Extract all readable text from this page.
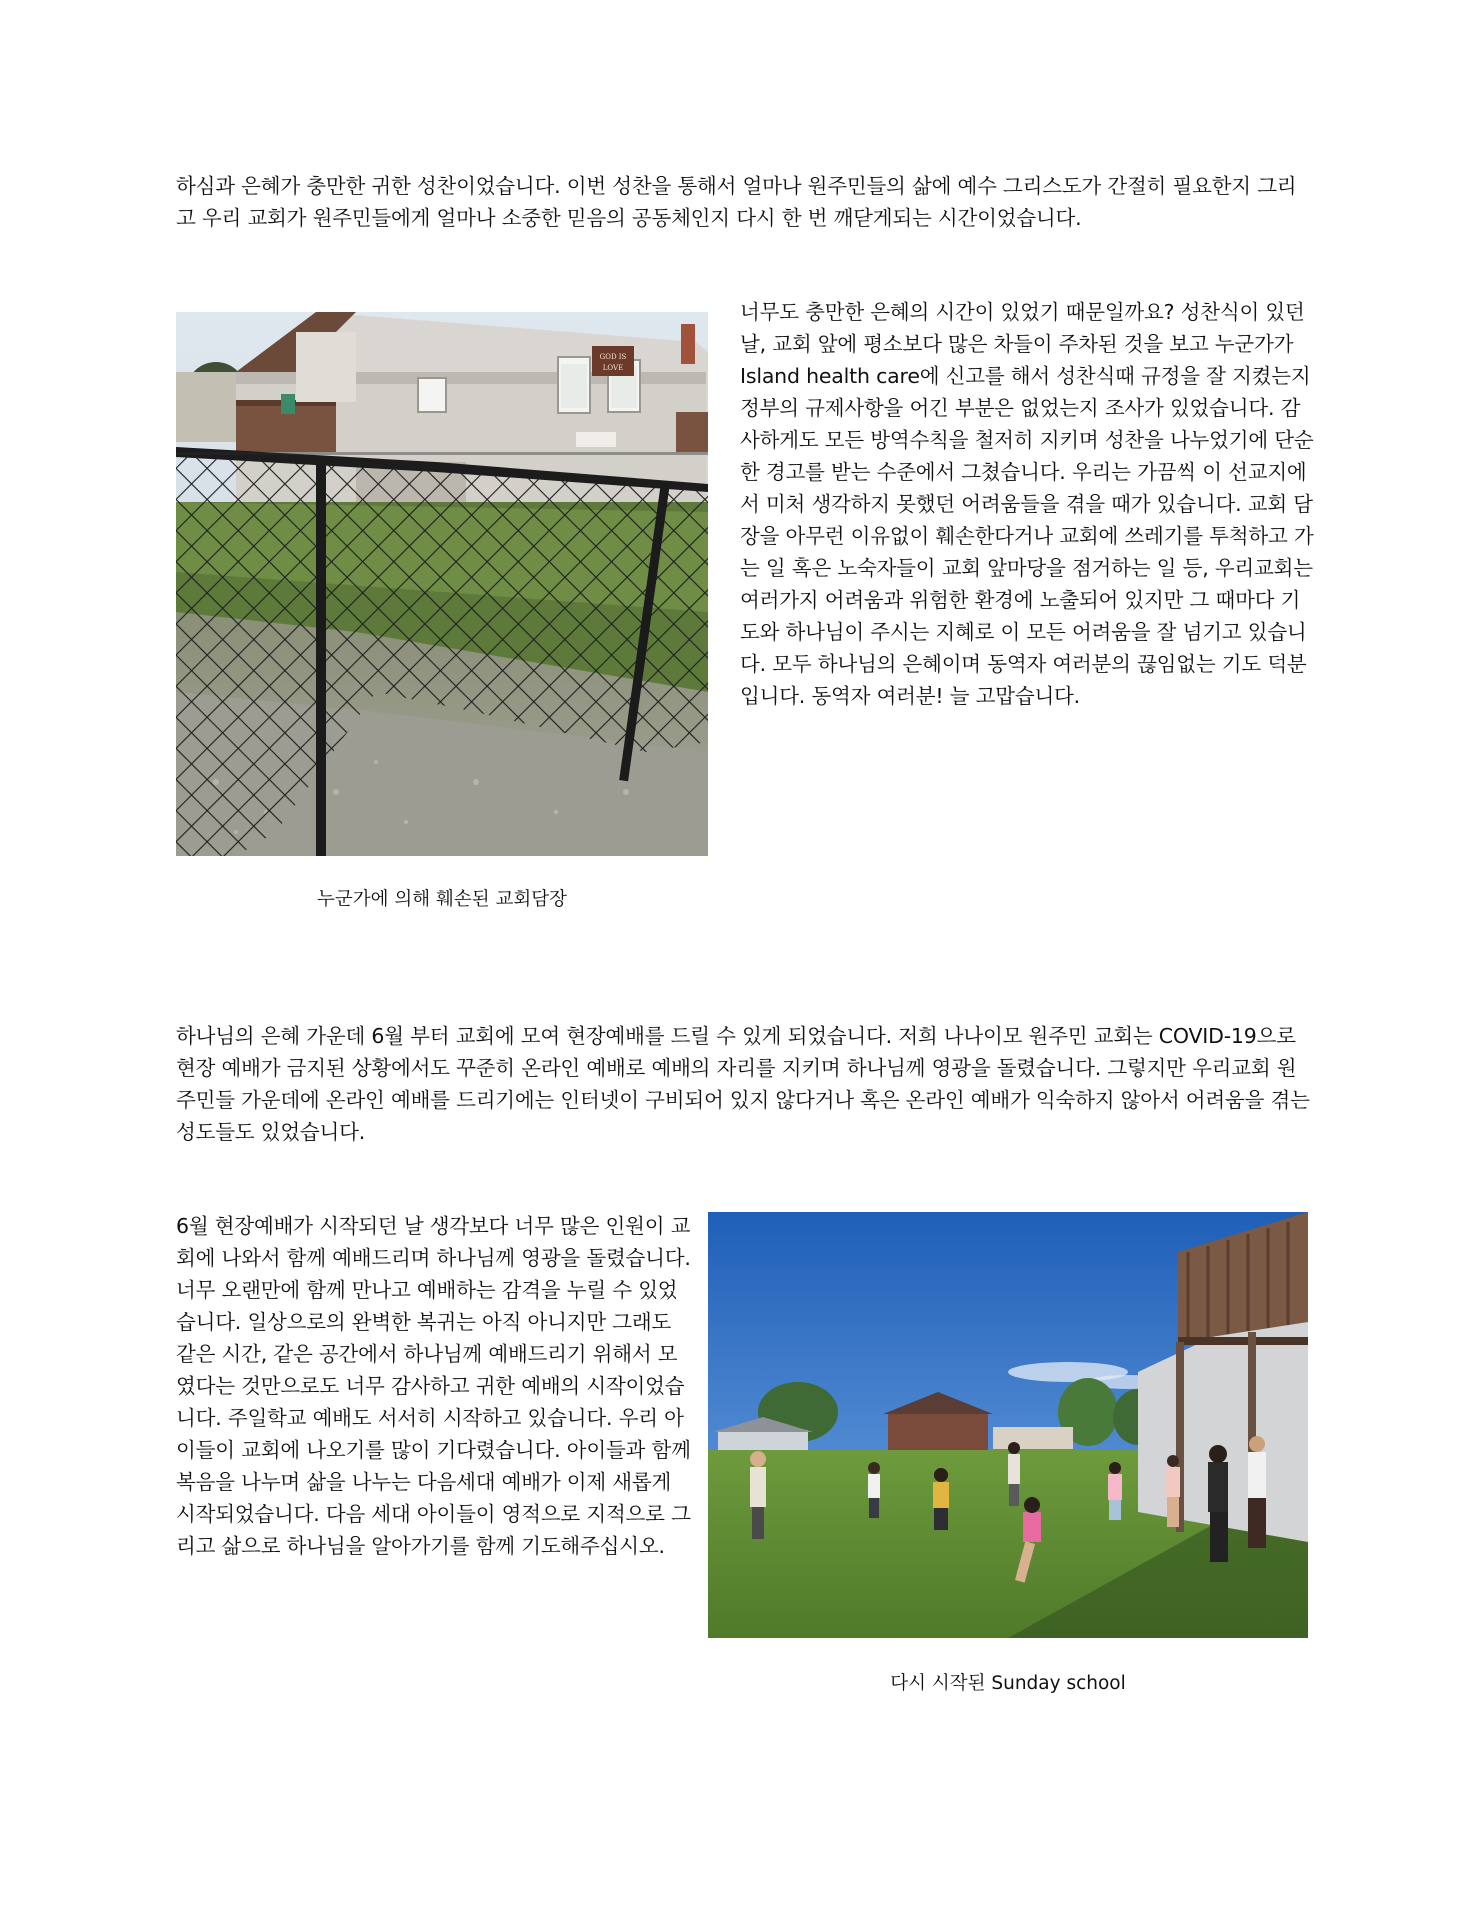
하심과 은혜가 충만한 귀한 성찬이었습니다. 이번 성찬을 통해서 얼마나 원주민들의 삶에 예수 그리스도가 간절히 필요한지 그리고 우리 교회가 원주민들에게 얼마나 소중한 믿음의 공동체인지 다시 한 번 깨닫게되는 시간이었습니다.

GOD IS
LOVE

너무도 충만한 은혜의 시간이 있었기 때문일까요? 성찬식이 있던 날, 교회 앞에 평소보다 많은 차들이 주차된 것을 보고 누군가가 Island health care에 신고를 해서 성찬식때 규정을 잘 지켰는지 정부의 규제사항을 어긴 부분은 없었는지 조사가 있었습니다. 감사하게도 모든 방역수칙을 철저히 지키며 성찬을 나누었기에 단순한 경고를 받는 수준에서 그쳤습니다. 우리는 가끔씩 이 선교지에서 미처 생각하지 못했던 어려움들을 겪을 때가 있습니다. 교회 담장을 아무런 이유없이 훼손한다거나 교회에 쓰레기를 투척하고 가는 일 혹은 노숙자들이 교회 앞마당을 점거하는 일 등, 우리교회는 여러가지 어려움과 위험한 환경에 노출되어 있지만 그 때마다 기도와 하나님이 주시는 지혜로 이 모든 어려움을 잘 넘기고 있습니다. 모두 하나님의 은혜이며 동역자 여러분의 끊임없는 기도 덕분입니다. 동역자 여러분! 늘 고맙습니다.

누군가에 의해 훼손된 교회담장

하나님의 은혜 가운데 6월 부터 교회에 모여 현장예배를 드릴 수 있게 되었습니다. 저희 나나이모 원주민 교회는 COVID-19으로 현장 예배가 금지된 상황에서도 꾸준히 온라인 예배로 예배의 자리를 지키며 하나님께 영광을 돌렸습니다. 그렇지만 우리교회 원주민들 가운데에 온라인 예배를 드리기에는 인터넷이 구비되어 있지 않다거나 혹은 온라인 예배가 익숙하지 않아서 어려움을 겪는 성도들도 있었습니다.

6월 현장예배가 시작되던 날 생각보다 너무 많은 인원이 교회에 나와서 함께 예배드리며 하나님께 영광을 돌렸습니다. 너무 오랜만에 함께 만나고 예배하는 감격을 누릴 수 있었습니다. 일상으로의 완벽한 복귀는 아직 아니지만 그래도 같은 시간, 같은 공간에서 하나님께 예배드리기 위해서 모였다는 것만으로도 너무 감사하고 귀한 예배의 시작이었습니다. 주일학교 예배도 서서히 시작하고 있습니다. 우리 아이들이 교회에 나오기를 많이 기다렸습니다. 아이들과 함께 복음을 나누며 삶을 나누는 다음세대 예배가 이제 새롭게 시작되었습니다. 다음 세대 아이들이 영적으로 지적으로 그리고 삶으로 하나님을 알아가기를 함께 기도해주십시오.

다시 시작된 Sunday school
